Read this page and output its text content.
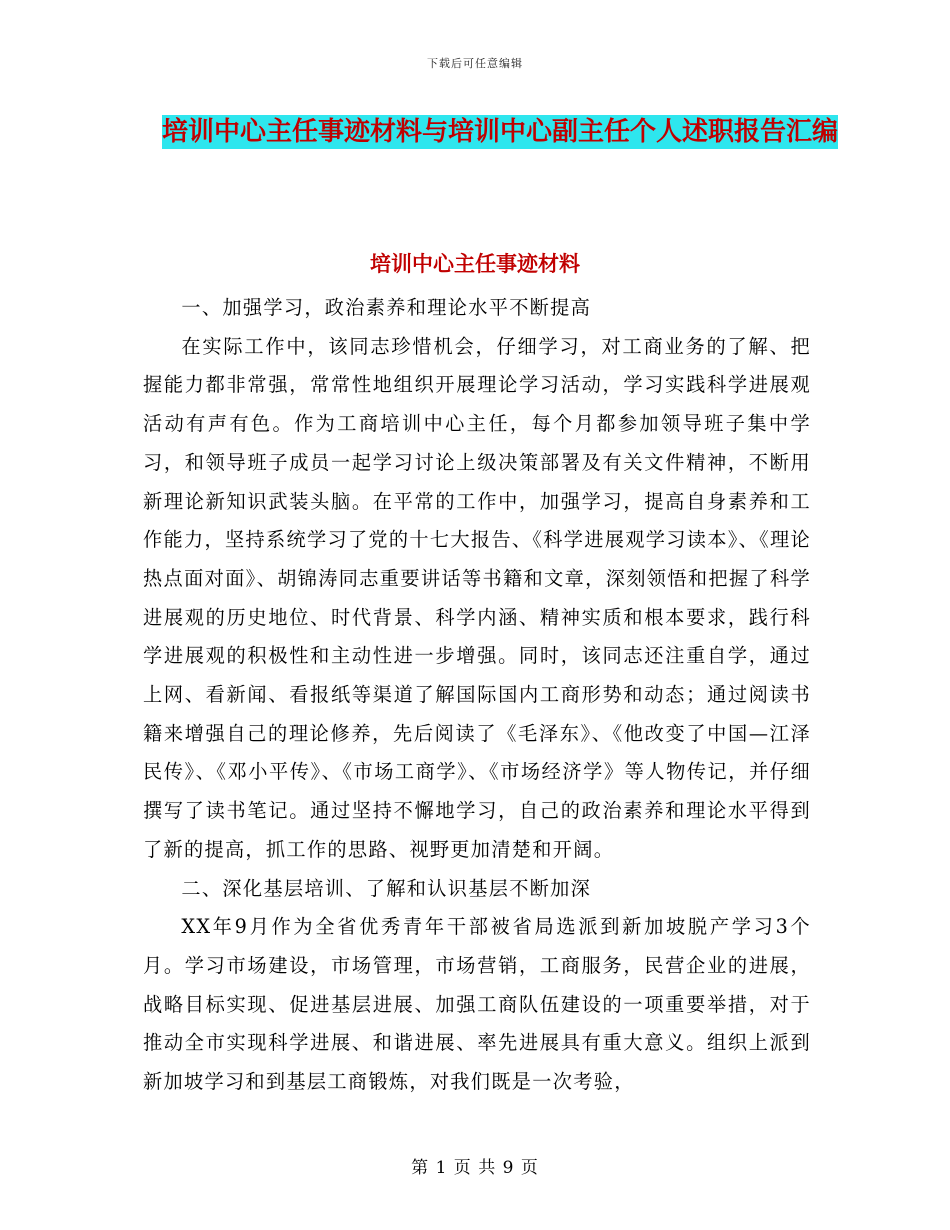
下载后可任意编辑
培训中心主任事迹材料与培训中心副主任个人述职报告汇编
培训中心主任事迹材料

一、加强学习，政治素养和理论水平不断提高

在实际工作中，该同志珍惜机会，仔细学习，对工商业务的了解、把握能力都非常强，常常性地组织开展理论学习活动，学习实践科学进展观活动有声有色。作为工商培训中心主任，每个月都参加领导班子集中学习，和领导班子成员一起学习讨论上级决策部署及有关文件精神，不断用新理论新知识武装头脑。在平常的工作中，加强学习，提高自身素养和工作能力，坚持系统学习了党的十七大报告、《科学进展观学习读本》、《理论热点面对面》、胡锦涛同志重要讲话等书籍和文章，深刻领悟和把握了科学进展观的历史地位、时代背景、科学内涵、精神实质和根本要求，践行科学进展观的积极性和主动性进一步增强。同时，该同志还注重自学，通过上网、看新闻、看报纸等渠道了解国际国内工商形势和动态；通过阅读书籍来增强自己的理论修养，先后阅读了《毛泽东》、《他改变了中国—江泽民传》、《邓小平传》、《市场工商学》、《市场经济学》等人物传记，并仔细撰写了读书笔记。通过坚持不懈地学习，自己的政治素养和理论水平得到了新的提高，抓工作的思路、视野更加清楚和开阔。

二、深化基层培训、了解和认识基层不断加深

XX年9月作为全省优秀青年干部被省局选派到新加坡脱产学习3个月。学习市场建设，市场管理，市场营销，工商服务，民营企业的进展，战略目标实现、促进基层进展、加强工商队伍建设的一项重要举措，对于推动全市实现科学进展、和谐进展、率先进展具有重大意义。组织上派到新加坡学习和到基层工商锻炼，对我们既是一次考验，

第 1 页 共 9 页
